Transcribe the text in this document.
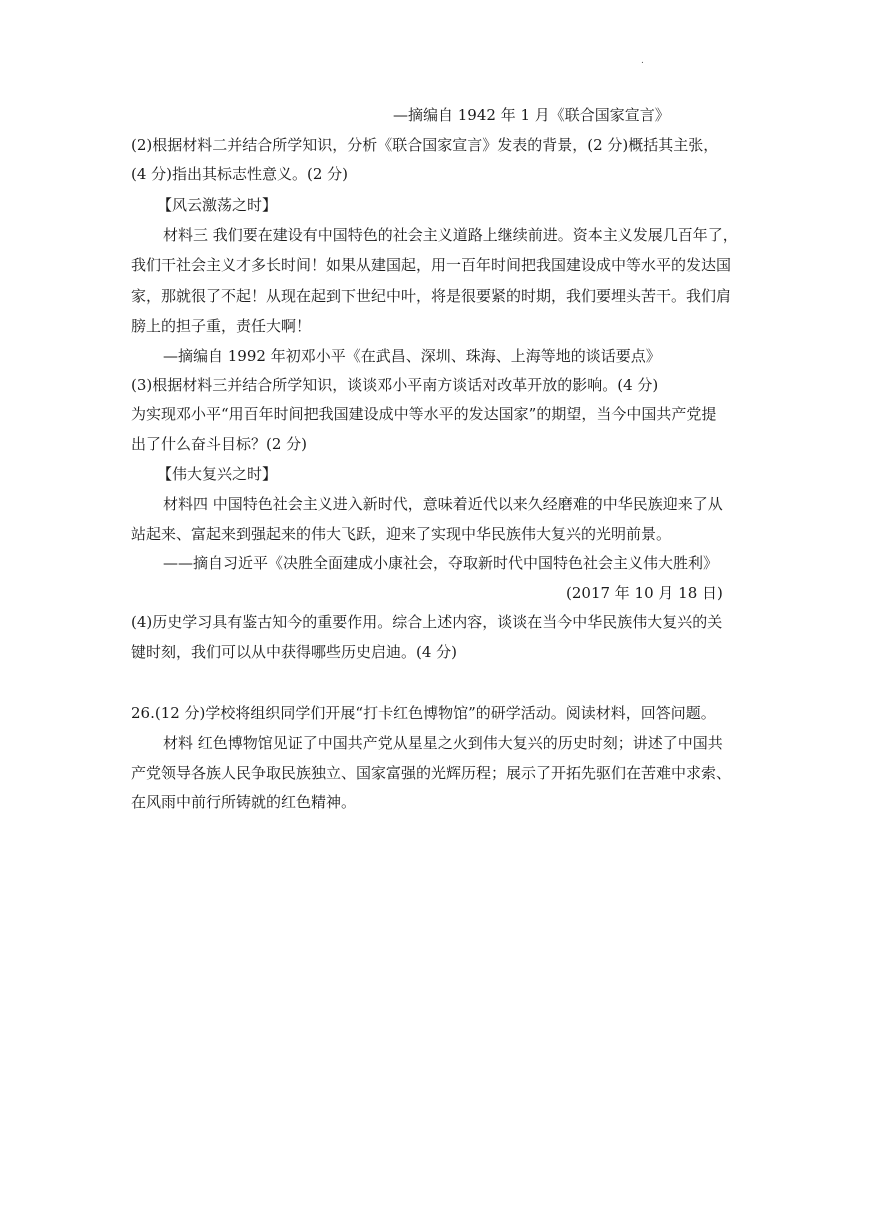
.
—摘编自 1942 年 1 月《联合国家宣言》
(2)根据材料二并结合所学知识，分析《联合国家宣言》发表的背景，(2 分)概括其主张，
(4 分)指出其标志性意义。(2 分)
【风云激荡之时】
材料三 我们要在建设有中国特色的社会主义道路上继续前进。资本主义发展几百年了，
我们干社会主义才多长时间！如果从建国起，用一百年时间把我国建设成中等水平的发达国
家，那就很了不起！从现在起到下世纪中叶，将是很要紧的时期，我们要埋头苦干。我们肩
膀上的担子重，责任大啊！
—摘编自 1992 年初邓小平《在武昌、深圳、珠海、上海等地的谈话要点》
(3)根据材料三并结合所学知识，谈谈邓小平南方谈话对改革开放的影响。(4 分)
为实现邓小平“用百年时间把我国建设成中等水平的发达国家”的期望，当今中国共产党提
出了什么奋斗目标？(2 分)
【伟大复兴之时】
材料四 中国特色社会主义进入新时代，意味着近代以来久经磨难的中华民族迎来了从
站起来、富起来到强起来的伟大飞跃，迎来了实现中华民族伟大复兴的光明前景。
——摘自习近平《决胜全面建成小康社会，夺取新时代中国特色社会主义伟大胜利》
(2017 年 10 月 18 日)
(4)历史学习具有鉴古知今的重要作用。综合上述内容，谈谈在当今中华民族伟大复兴的关
键时刻，我们可以从中获得哪些历史启迪。(4 分)
26.(12 分)学校将组织同学们开展“打卡红色博物馆”的研学活动。阅读材料，回答问题。
材料 红色博物馆见证了中国共产党从星星之火到伟大复兴的历史时刻；讲述了中国共
产党领导各族人民争取民族独立、国家富强的光辉历程；展示了开拓先驱们在苦难中求索、
在风雨中前行所铸就的红色精神。
